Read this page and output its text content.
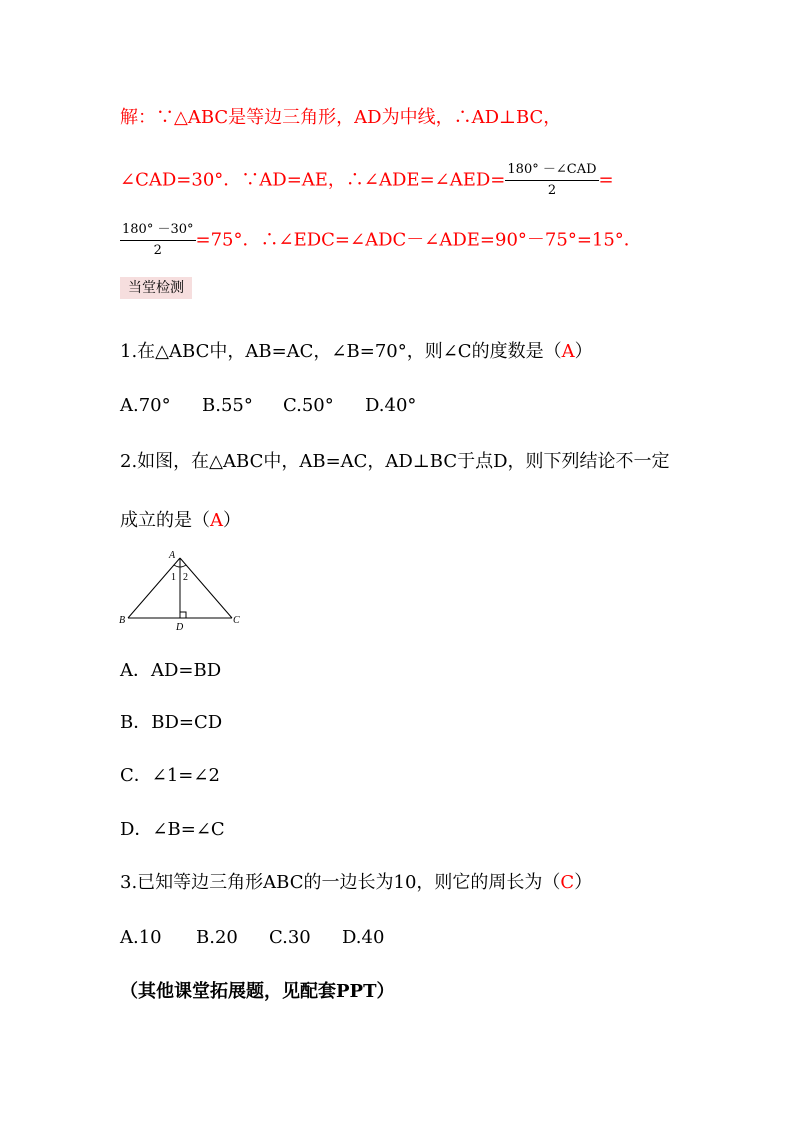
解：∵△ABC是等边三角形，AD为中线，∴AD⊥BC，
∠CAD=30°．∵AD=AE，∴∠ADE=∠AED= $\frac{\text{180° －∠CAD}}{2}$ =
$\frac{180^\circ -30^\circ}{2} =75^\circ$．∴∠EDC=∠ADC－∠ADE=90°－75°=15°．
当堂检测
1.在△ABC中，AB=AC，∠B=70°，则∠C的度数是（A）
A.70° B.55° C.50° D.40°
2.如图，在△ABC中，AB=AC，AD⊥BC于点D，则下列结论不一定
成立的是（A）
A
B	C
D
1 2
A．AD=BD
B．BD=CD
C．∠1=∠2
D．∠B=∠C
3.已知等边三角形ABC的一边长为10，则它的周长为（C）
A.10 B.20 C.30 D.40
（其他课堂拓展题，见配套PPT）
